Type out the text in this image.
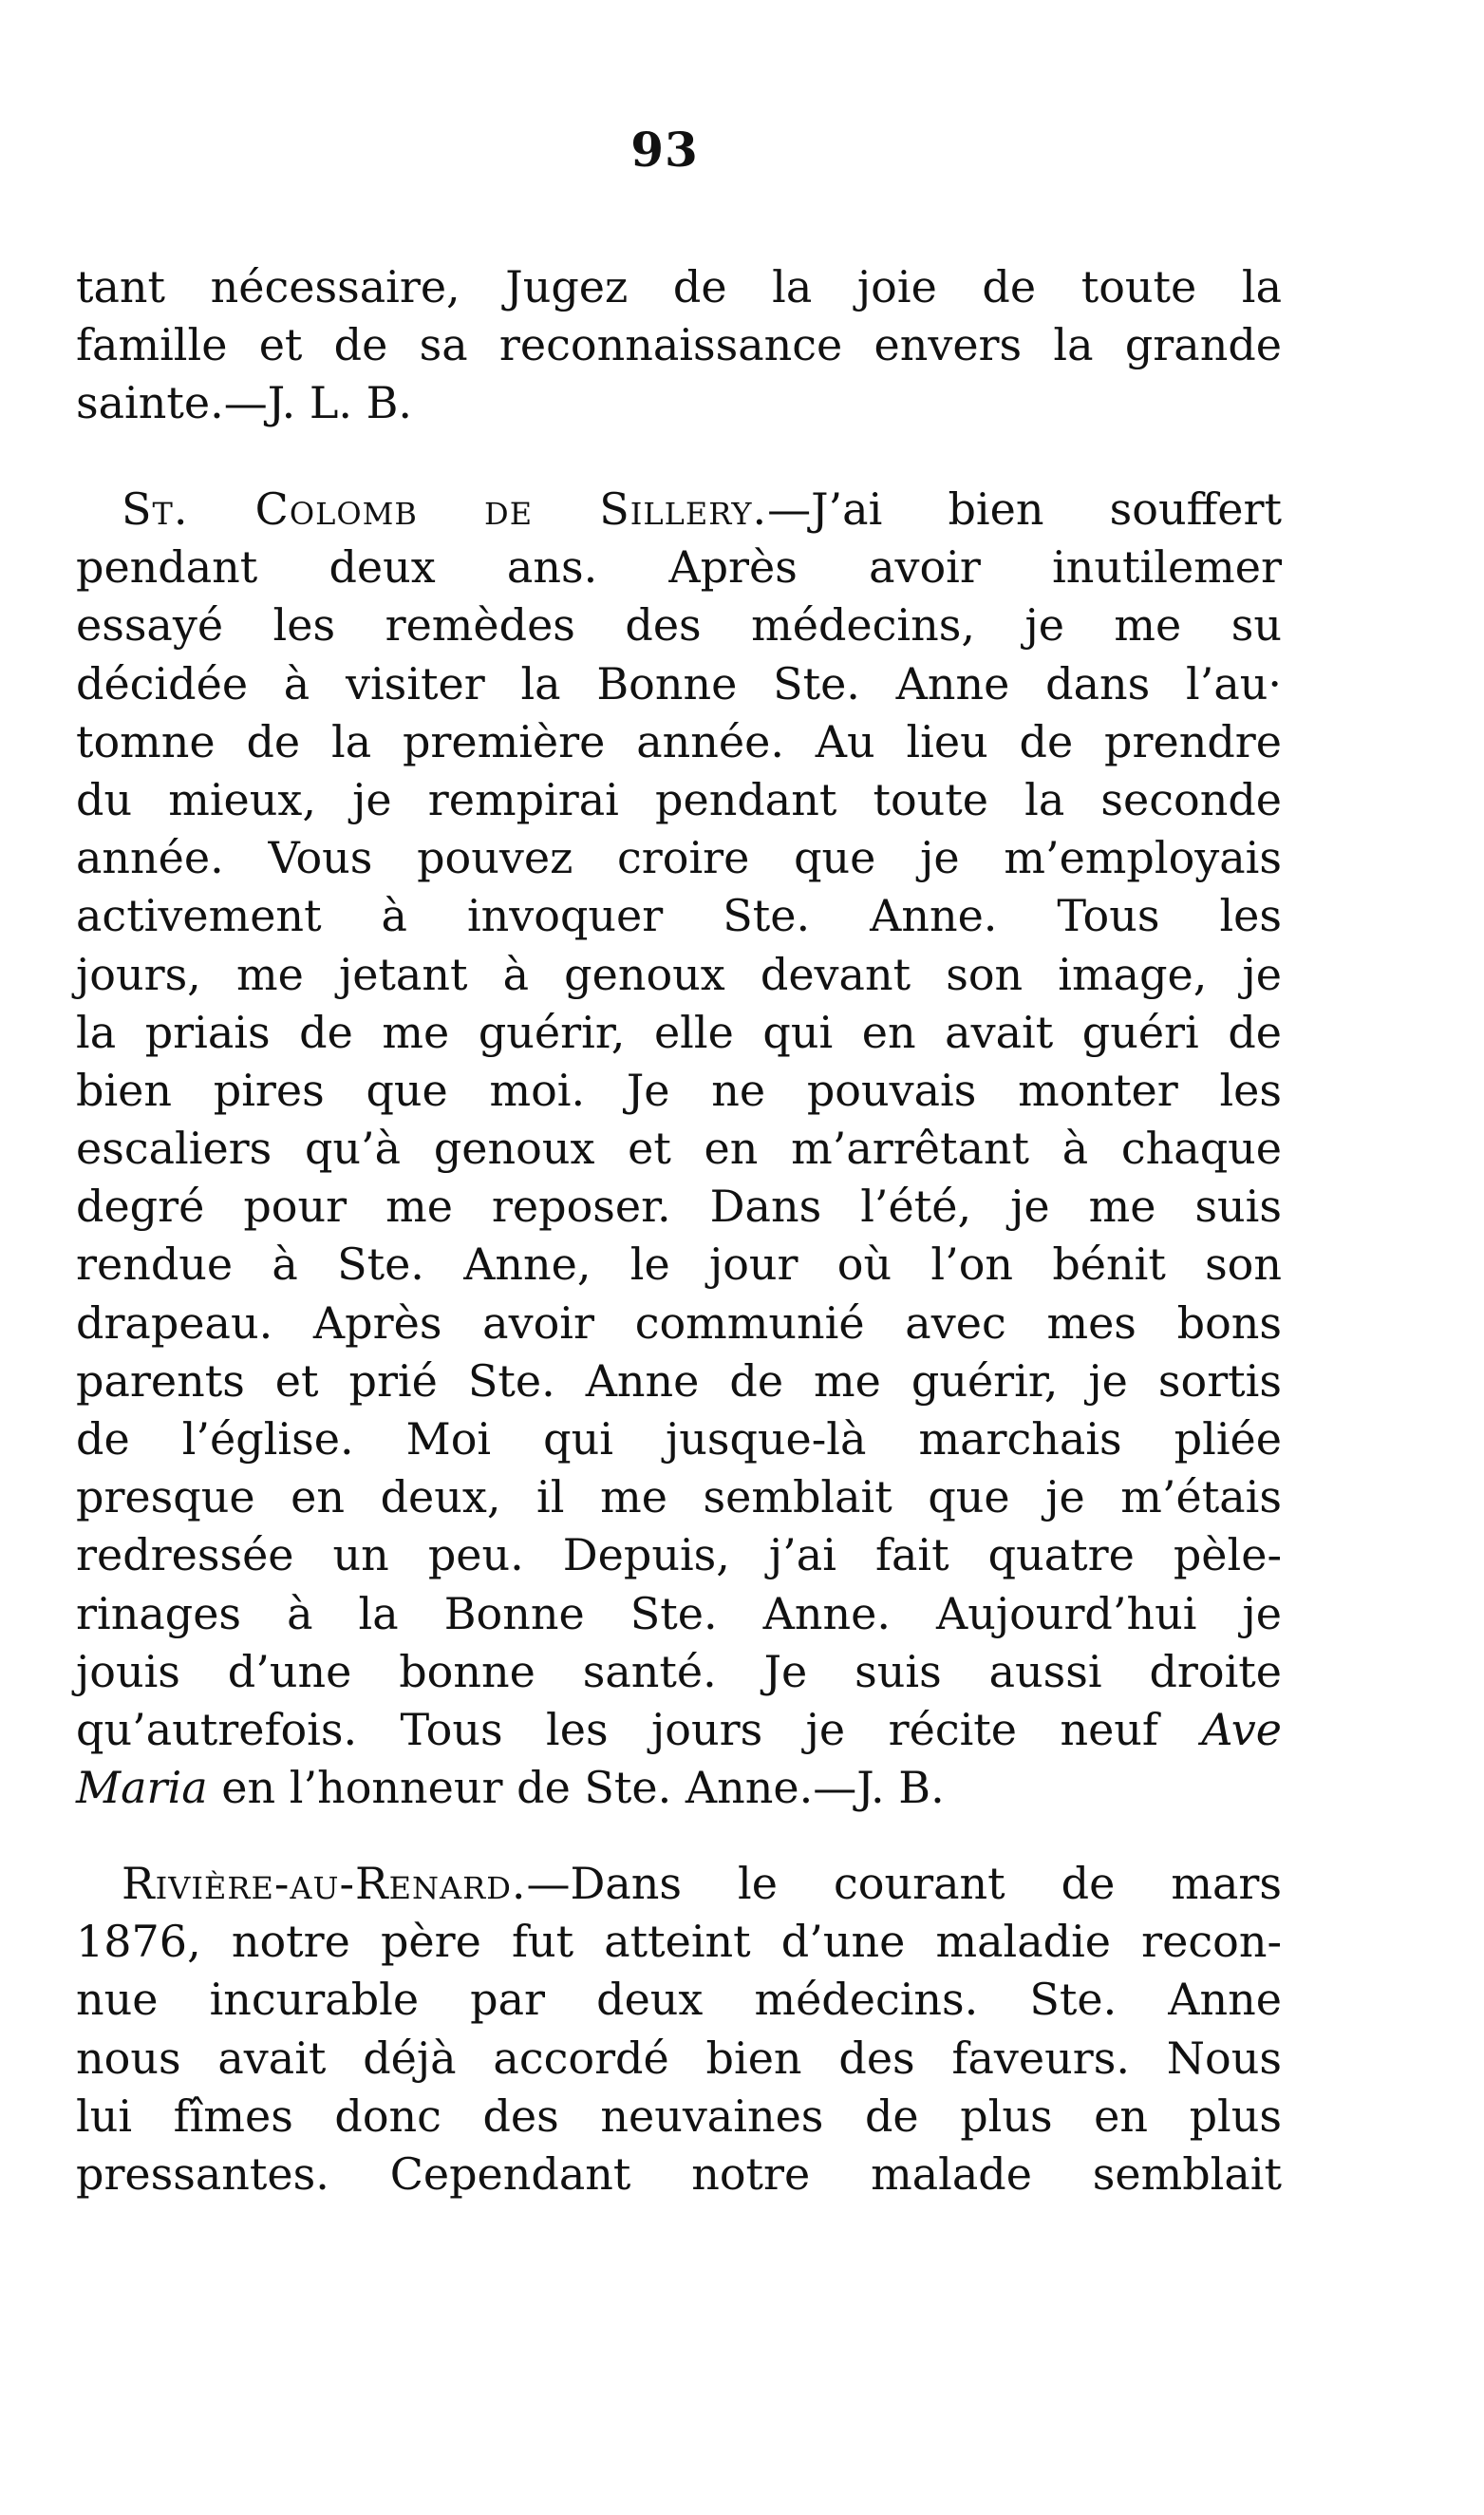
93
tant nécessaire, Jugez de la joie de toute la
famille et de sa reconnaissance envers la grande
sainte.—J. L. B.
St. Colomb de Sillery.—J’ai bien souffert
pendant deux ans. Après avoir inutilemer
essayé les remèdes des médecins, je me su
décidée à visiter la Bonne Ste. Anne dans l’au·
tomne de la première année. Au lieu de prendre
du mieux, je rempirai pendant toute la seconde
année. Vous pouvez croire que je m’employais
activement à invoquer Ste. Anne. Tous les
jours, me jetant à genoux devant son image, je
la priais de me guérir, elle qui en avait guéri de
bien pires que moi. Je ne pouvais monter les
escaliers qu’à genoux et en m’arrêtant à chaque
degré pour me reposer. Dans l’été, je me suis
rendue à Ste. Anne, le jour où l’on bénit son
drapeau. Après avoir communié avec mes bons
parents et prié Ste. Anne de me guérir, je sortis
de l’église. Moi qui jusque-là marchais pliée
presque en deux, il me semblait que je m’étais
redressée un peu. Depuis, j’ai fait quatre pèle-
rinages à la Bonne Ste. Anne. Aujourd’hui je
jouis d’une bonne santé. Je suis aussi droite
qu’autrefois. Tous les jours je récite neuf Ave
Maria en l’honneur de Ste. Anne.—J. B.
Rivière-au-Renard.—Dans le courant de mars
1876, notre père fut atteint d’une maladie recon-
nue incurable par deux médecins. Ste. Anne
nous avait déjà accordé bien des faveurs. Nous
lui fîmes donc des neuvaines de plus en plus
pressantes. Cependant notre malade semblait
